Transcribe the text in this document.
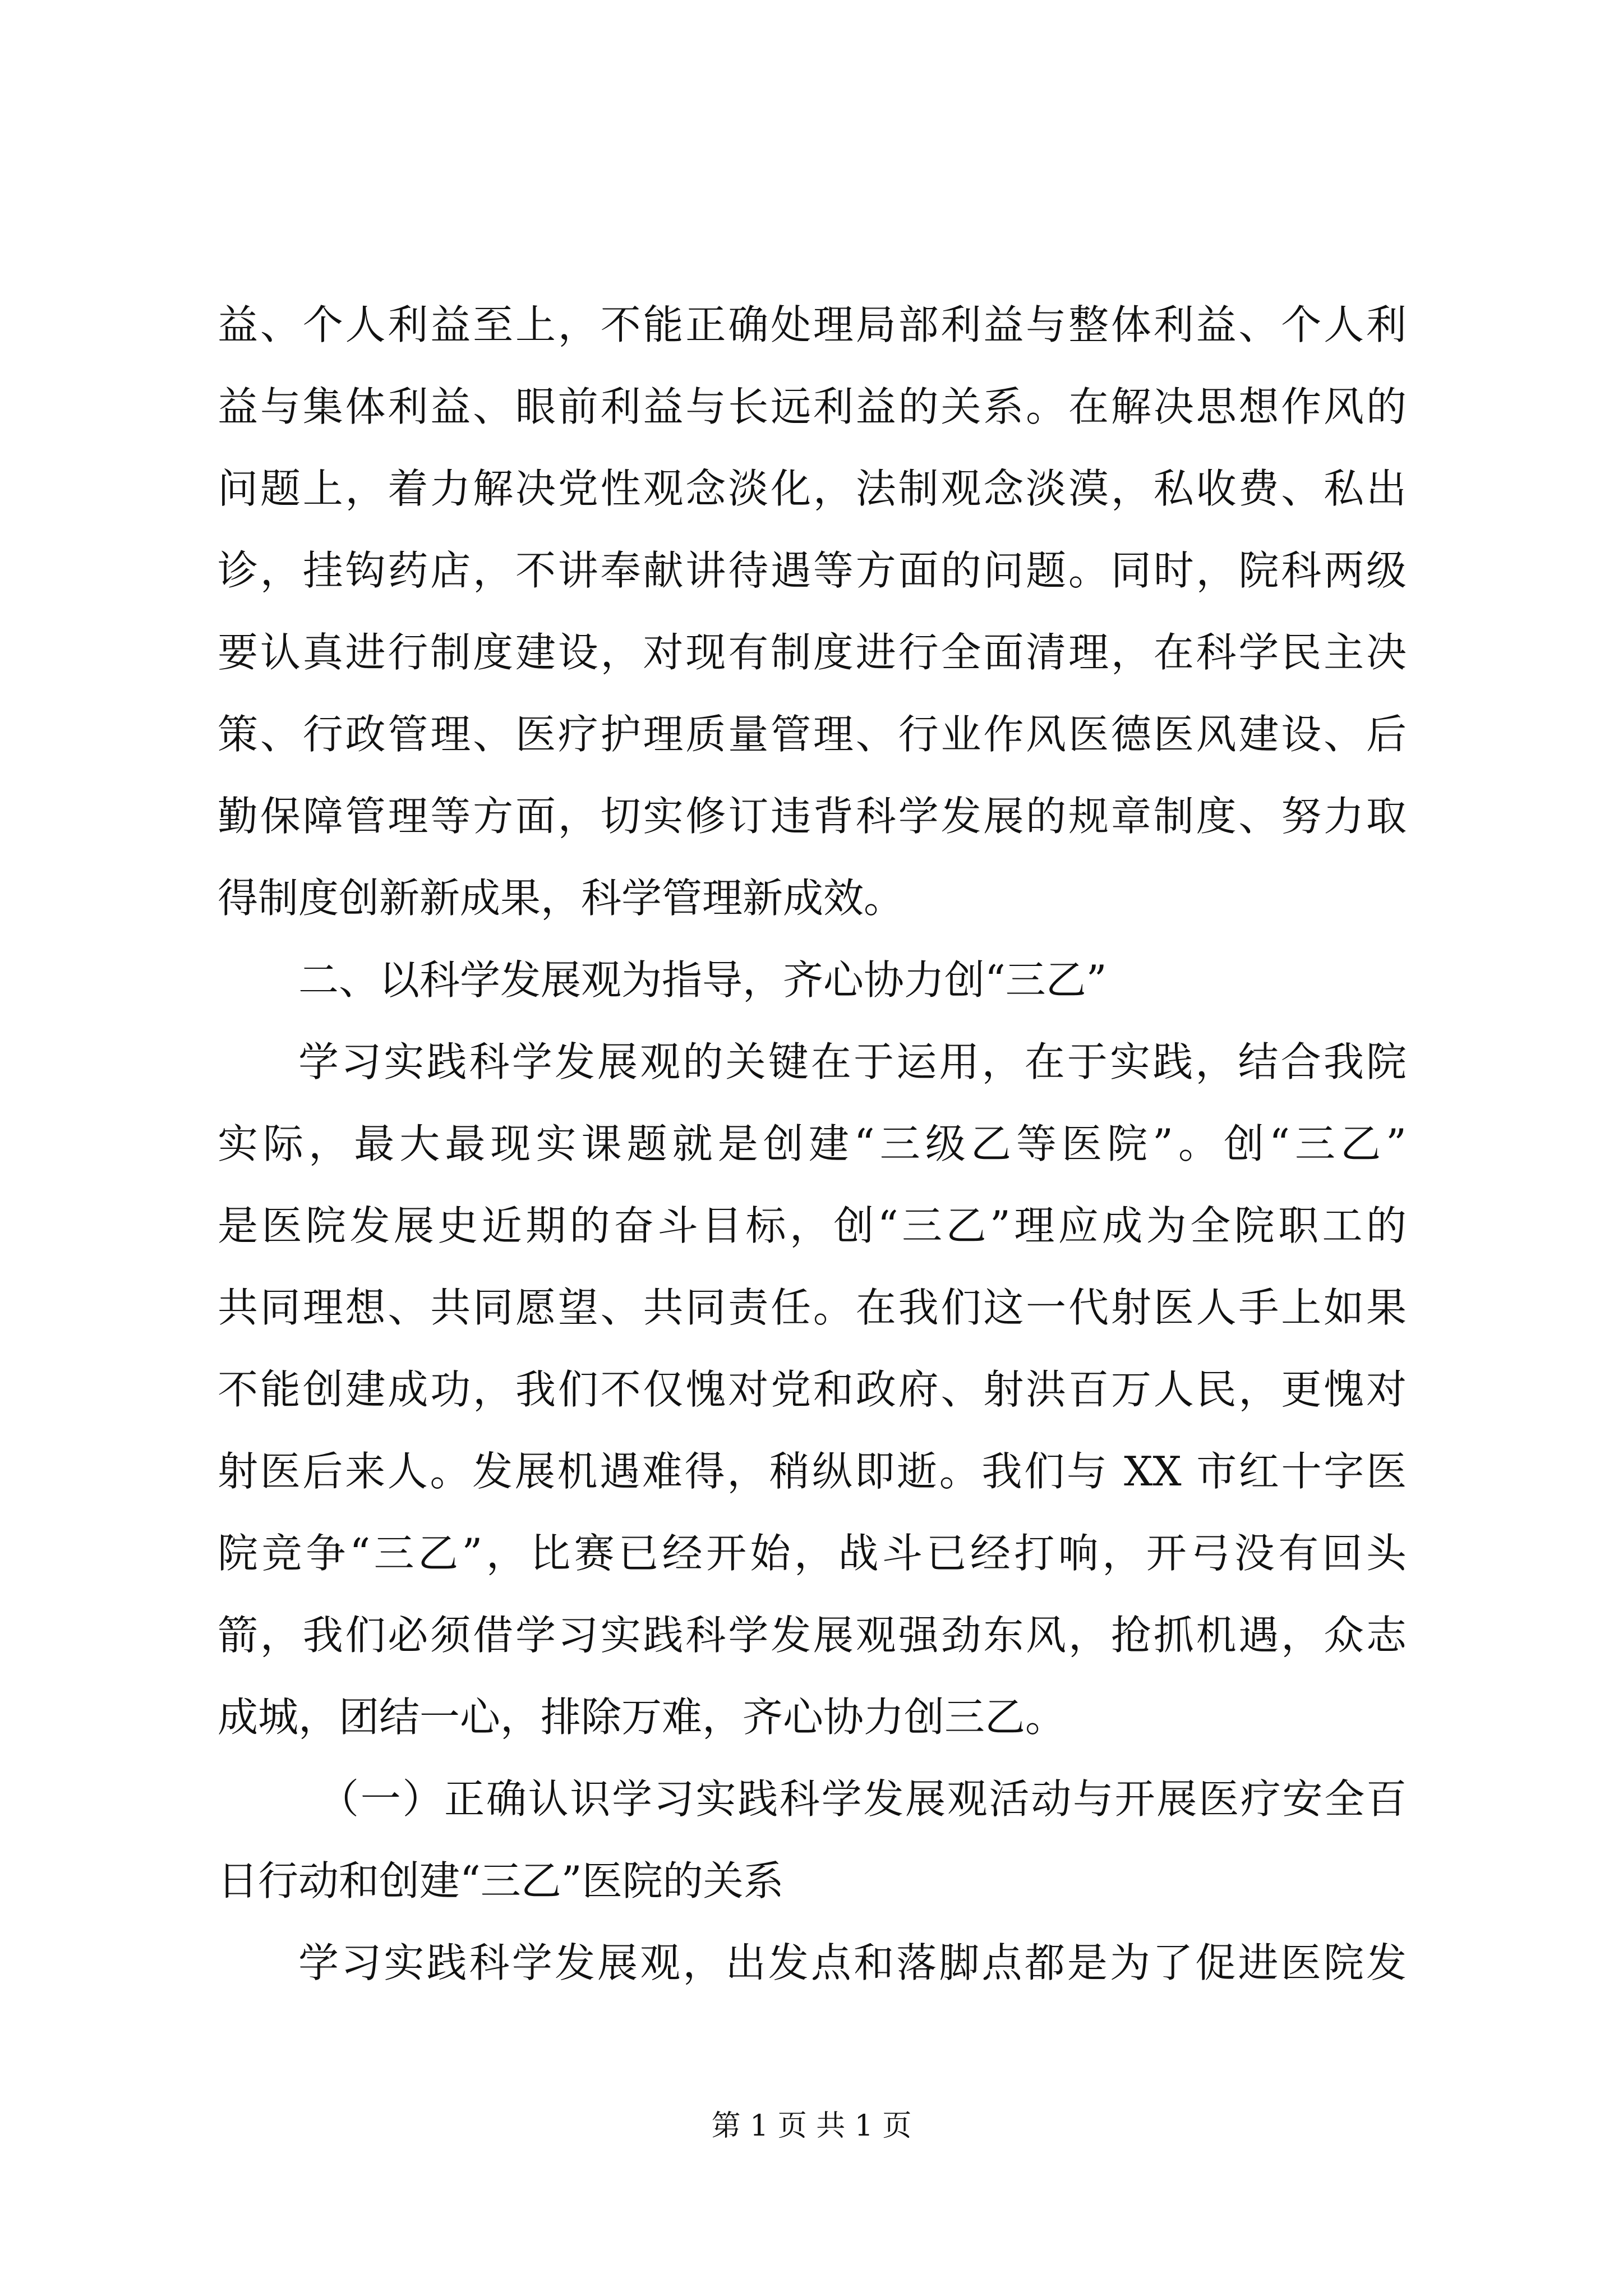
益、个人利益至上，不能正确处理局部利益与整体利益、个人利
益与集体利益、眼前利益与长远利益的关系。在解决思想作风的
问题上，着力解决党性观念淡化，法制观念淡漠，私收费、私出
诊，挂钩药店，不讲奉献讲待遇等方面的问题。同时，院科两级
要认真进行制度建设，对现有制度进行全面清理，在科学民主决
策、行政管理、医疗护理质量管理、行业作风医德医风建设、后
勤保障管理等方面，切实修订违背科学发展的规章制度、努力取
得制度创新新成果，科学管理新成效。
二、以科学发展观为指导，齐心协力创“三乙”
学习实践科学发展观的关键在于运用，在于实践，结合我院
实际，最大最现实课题就是创建“三级乙等医院”。创“三乙”
是医院发展史近期的奋斗目标，创“三乙”理应成为全院职工的
共同理想、共同愿望、共同责任。在我们这一代射医人手上如果
不能创建成功，我们不仅愧对党和政府、射洪百万人民，更愧对
射医后来人。发展机遇难得，稍纵即逝。我们与 XX 市红十字医
院竞争“三乙”，比赛已经开始，战斗已经打响，开弓没有回头
箭，我们必须借学习实践科学发展观强劲东风，抢抓机遇，众志
成城，团结一心，排除万难，齐心协力创三乙。
（一）正确认识学习实践科学发展观活动与开展医疗安全百
日行动和创建“三乙”医院的关系
学习实践科学发展观，出发点和落脚点都是为了促进医院发
第 1 页 共 1 页
